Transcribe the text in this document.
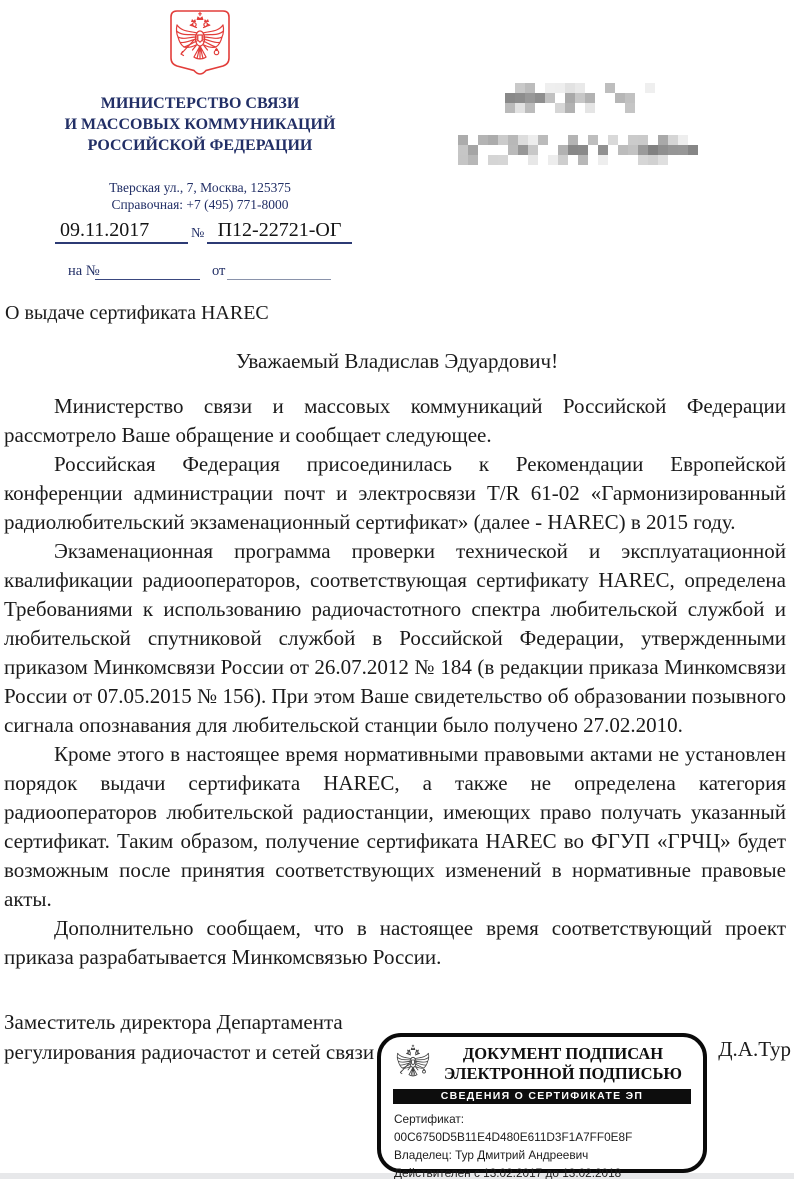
МИНИСТЕРСТВО СВЯЗИ
И МАССОВЫХ КОММУНИКАЦИЙ
РОССИЙСКОЙ ФЕДЕРАЦИИ
Тверская ул., 7, Москва, 125375
Справочная: +7 (495) 771-8000
09.11.2017	№ П12-22721-ОГ
на №	от
О выдаче сертификата HAREC
Уважаемый Владислав Эдуардович!

Министерство связи и массовых коммуникаций Российской Федерации рассмотрело Ваше обращение и сообщает следующее.

Российская Федерация присоединилась к Рекомендации Европейской конференции администрации почт и электросвязи T/R 61-02 «Гармонизированный радиолюбительский экзаменационный сертификат» (далее - HAREC) в 2015 году.

Экзаменационная программа проверки технической и эксплуатационной квалификации радиооператоров, соответствующая сертификату HAREC, определена Требованиями к использованию радиочастотного спектра любительской службой и любительской спутниковой службой в Российской Федерации, утвержденными приказом Минкомсвязи России от 26.07.2012 № 184 (в редакции приказа Минкомсвязи России от 07.05.2015 № 156). При этом Ваше свидетельство об образовании позывного сигнала опознавания для любительской станции было получено 27.02.2010.

Кроме этого в настоящее время нормативными правовыми актами не установлен порядок выдачи сертификата HAREC, а также не определена категория радиооператоров любительской радиостанции, имеющих право получать указанный сертификат. Таким образом, получение сертификата HAREC во ФГУП «ГРЧЦ» будет возможным после принятия соответствующих изменений в нормативные правовые акты.

Дополнительно сообщаем, что в настоящее время соответствующий проект приказа разрабатывается Минкомсвязью России.

Заместитель директора Департамента
регулирования радиочастот и сетей связи	Д.А.Тур
ДОКУМЕНТ ПОДПИСАН
ЭЛЕКТРОННОЙ ПОДПИСЬЮ
СВЕДЕНИЯ О СЕРТИФИКАТЕ ЭП
Сертификат: 00C6750D5B11E4D480E611D3F1A7FF0E8F
Владелец: Тур Дмитрий Андреевич
Действителен с 13.02.2017 до 13.02.2018
